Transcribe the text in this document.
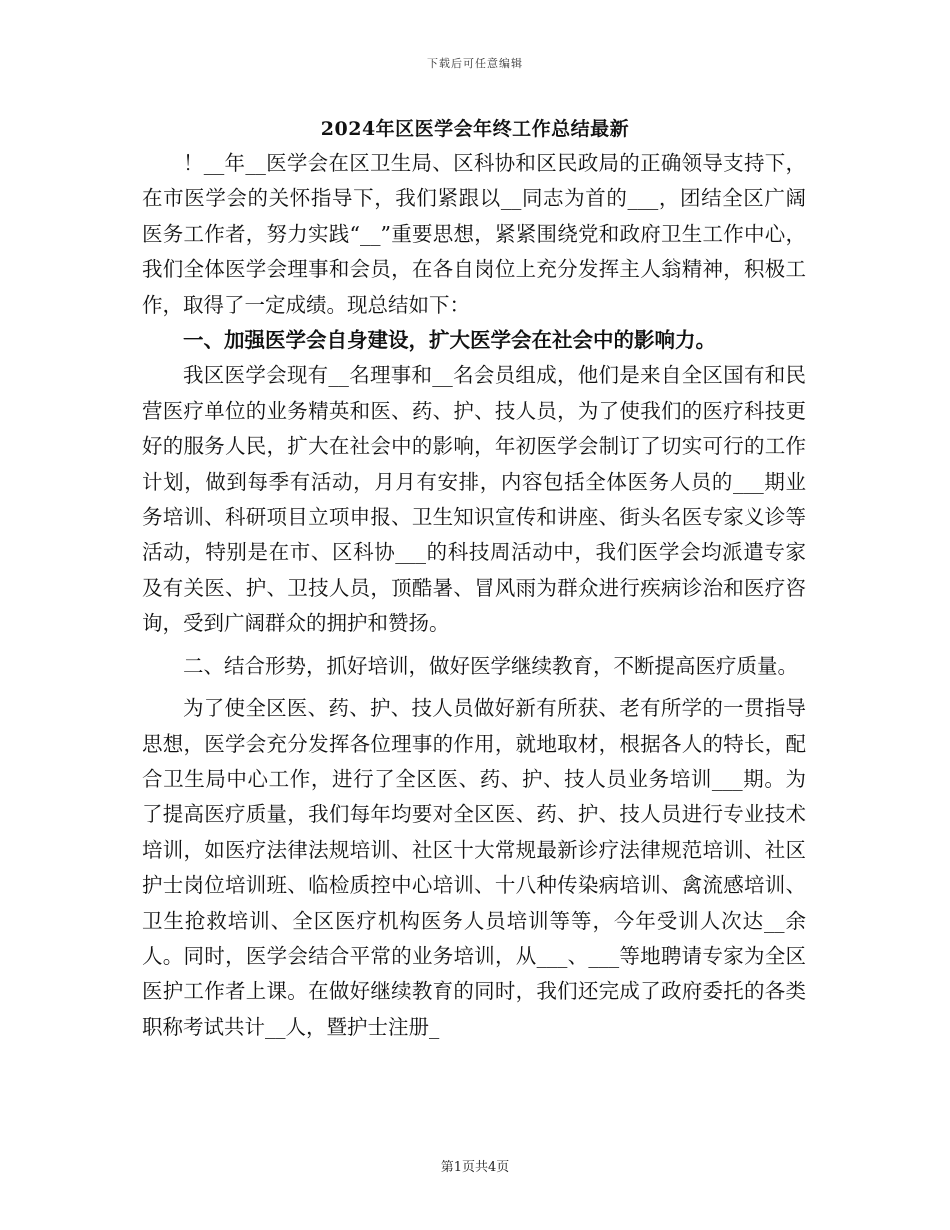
下载后可任意编辑
2024年区医学会年终工作总结最新

！__年__医学会在区卫生局、区科协和区民政局的正确领导支持下，在市医学会的关怀指导下，我们紧跟以__同志为首的___，团结全区广阔医务工作者，努力实践“__”重要思想，紧紧围绕党和政府卫生工作中心，我们全体医学会理事和会员，在各自岗位上充分发挥主人翁精神，积极工作，取得了一定成绩。现总结如下：

一、加强医学会自身建设，扩大医学会在社会中的影响力。

我区医学会现有__名理事和__名会员组成，他们是来自全区国有和民营医疗单位的业务精英和医、药、护、技人员，为了使我们的医疗科技更好的服务人民，扩大在社会中的影响，年初医学会制订了切实可行的工作计划，做到每季有活动，月月有安排，内容包括全体医务人员的___期业务培训、科研项目立项申报、卫生知识宣传和讲座、街头名医专家义诊等活动，特别是在市、区科协___的科技周活动中，我们医学会均派遣专家及有关医、护、卫技人员，顶酷暑、冒风雨为群众进行疾病诊治和医疗咨询，受到广阔群众的拥护和赞扬。

二、结合形势，抓好培训，做好医学继续教育，不断提高医疗质量。

为了使全区医、药、护、技人员做好新有所获、老有所学的一贯指导思想，医学会充分发挥各位理事的作用，就地取材，根据各人的特长，配合卫生局中心工作，进行了全区医、药、护、技人员业务培训___期。为了提高医疗质量，我们每年均要对全区医、药、护、技人员进行专业技术培训，如医疗法律法规培训、社区十大常规最新诊疗法律规范培训、社区护士岗位培训班、临检质控中心培训、十八种传染病培训、禽流感培训、卫生抢救培训、全区医疗机构医务人员培训等等，今年受训人次达__余人。同时，医学会结合平常的业务培训，从___、___等地聘请专家为全区医护工作者上课。在做好继续教育的同时，我们还完成了政府委托的各类职称考试共计__人，暨护士注册_

第1页共4页
